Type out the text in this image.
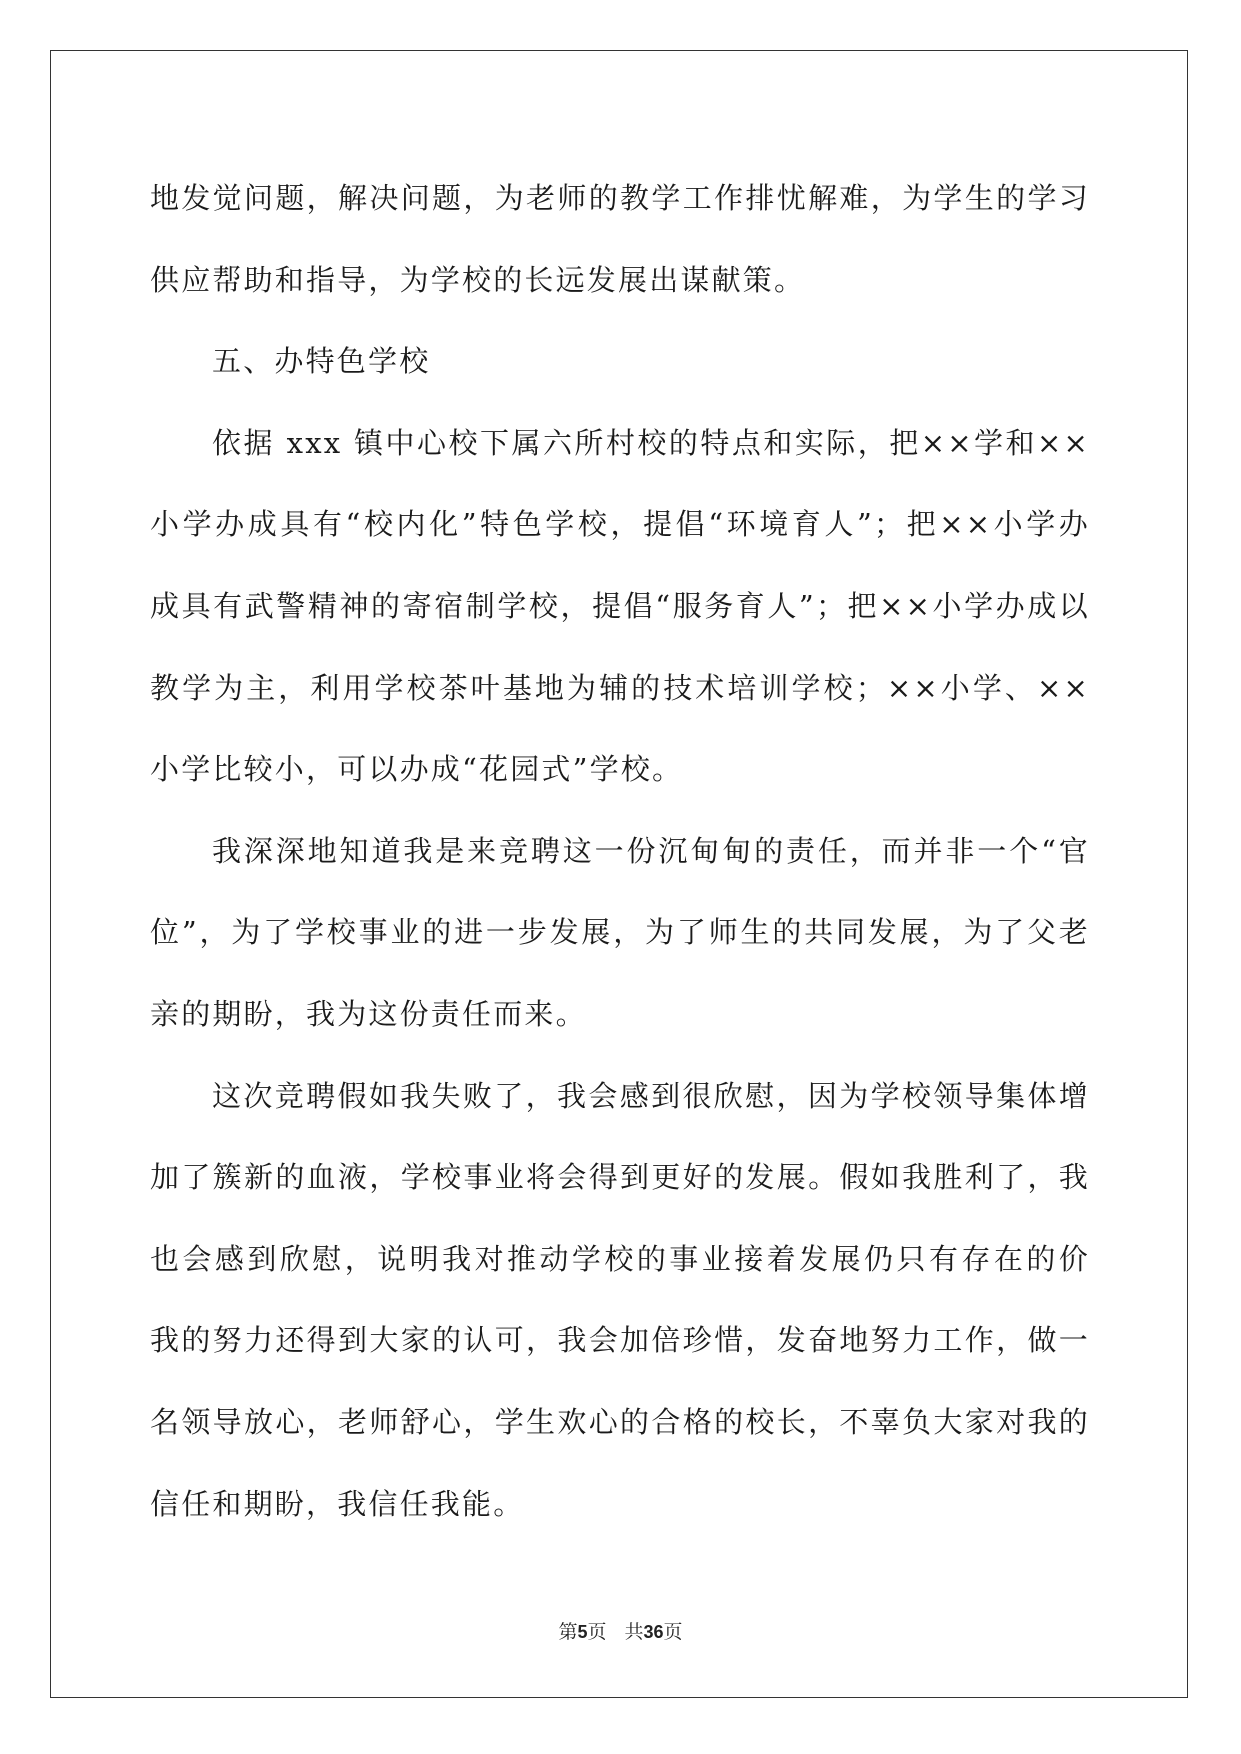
地发觉问题，解决问题，为老师的教学工作排忧解难，为学生的学习
供应帮助和指导，为学校的长远发展出谋献策。
五、办特色学校
依据 xxx 镇中心校下属六所村校的特点和实际，把××学和××
小学办成具有“校内化”特色学校，提倡“环境育人”；把××小学办
成具有武警精神的寄宿制学校，提倡“服务育人”；把××小学办成以
教学为主，利用学校茶叶基地为辅的技术培训学校；××小学、××
小学比较小，可以办成“花园式”学校。
我深深地知道我是来竞聘这一份沉甸甸的责任，而并非一个“官
位”，为了学校事业的进一步发展，为了师生的共同发展，为了父老
亲的期盼，我为这份责任而来。
这次竞聘假如我失败了，我会感到很欣慰，因为学校领导集体增
加了簇新的血液，学校事业将会得到更好的发展。假如我胜利了，我
也会感到欣慰，说明我对推动学校的事业接着发展仍只有存在的价
我的努力还得到大家的认可，我会加倍珍惜，发奋地努力工作，做一
名领导放心，老师舒心，学生欢心的合格的校长，不辜负大家对我的
信任和期盼，我信任我能。
第5页 共36页
